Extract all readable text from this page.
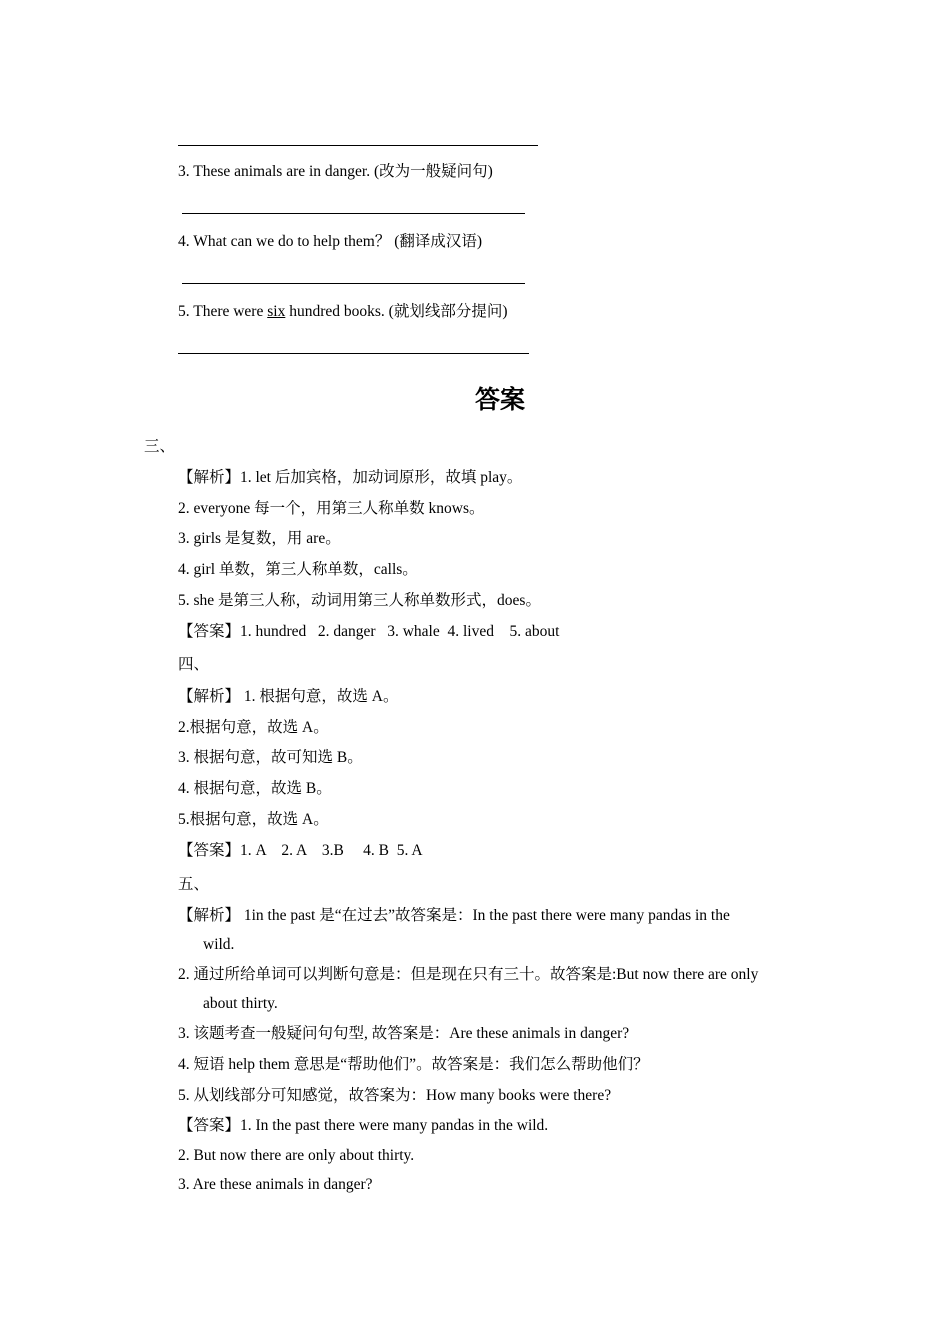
3. These animals are in danger. (改为一般疑问句)
4. What can we do to help them？ (翻译成汉语)
5. There were six hundred books. (就划线部分提问)
答案
三、
【解析】1. let 后加宾格，加动词原形，故填 play。
2. everyone 每一个，用第三人称单数 knows。
3. girls 是复数，用 are。
4. girl 单数，第三人称单数，calls。
5. she 是第三人称，动词用第三人称单数形式，does。
【答案】1. hundred   2. danger   3. whale  4. lived    5. about
四、
【解析】 1. 根据句意，故选 A。
2.根据句意，故选 A。
3. 根据句意，故可知选 B。
4. 根据句意，故选 B。
5.根据句意，故选 A。
【答案】1. A    2. A    3.B     4. B  5. A
五、
【解析】 1in the past 是“在过去”故答案是：In the past there were many pandas in the
wild.
2. 通过所给单词可以判断句意是：但是现在只有三十。故答案是:But now there are only
about thirty.
3. 该题考查一般疑问句句型, 故答案是：Are these animals in danger?
4. 短语 help them 意思是“帮助他们”。故答案是：我们怎么帮助他们？
5. 从划线部分可知感觉，故答案为：How many books were there?
【答案】1. In the past there were many pandas in the wild.
2. But now there are only about thirty.
3. Are these animals in danger?
